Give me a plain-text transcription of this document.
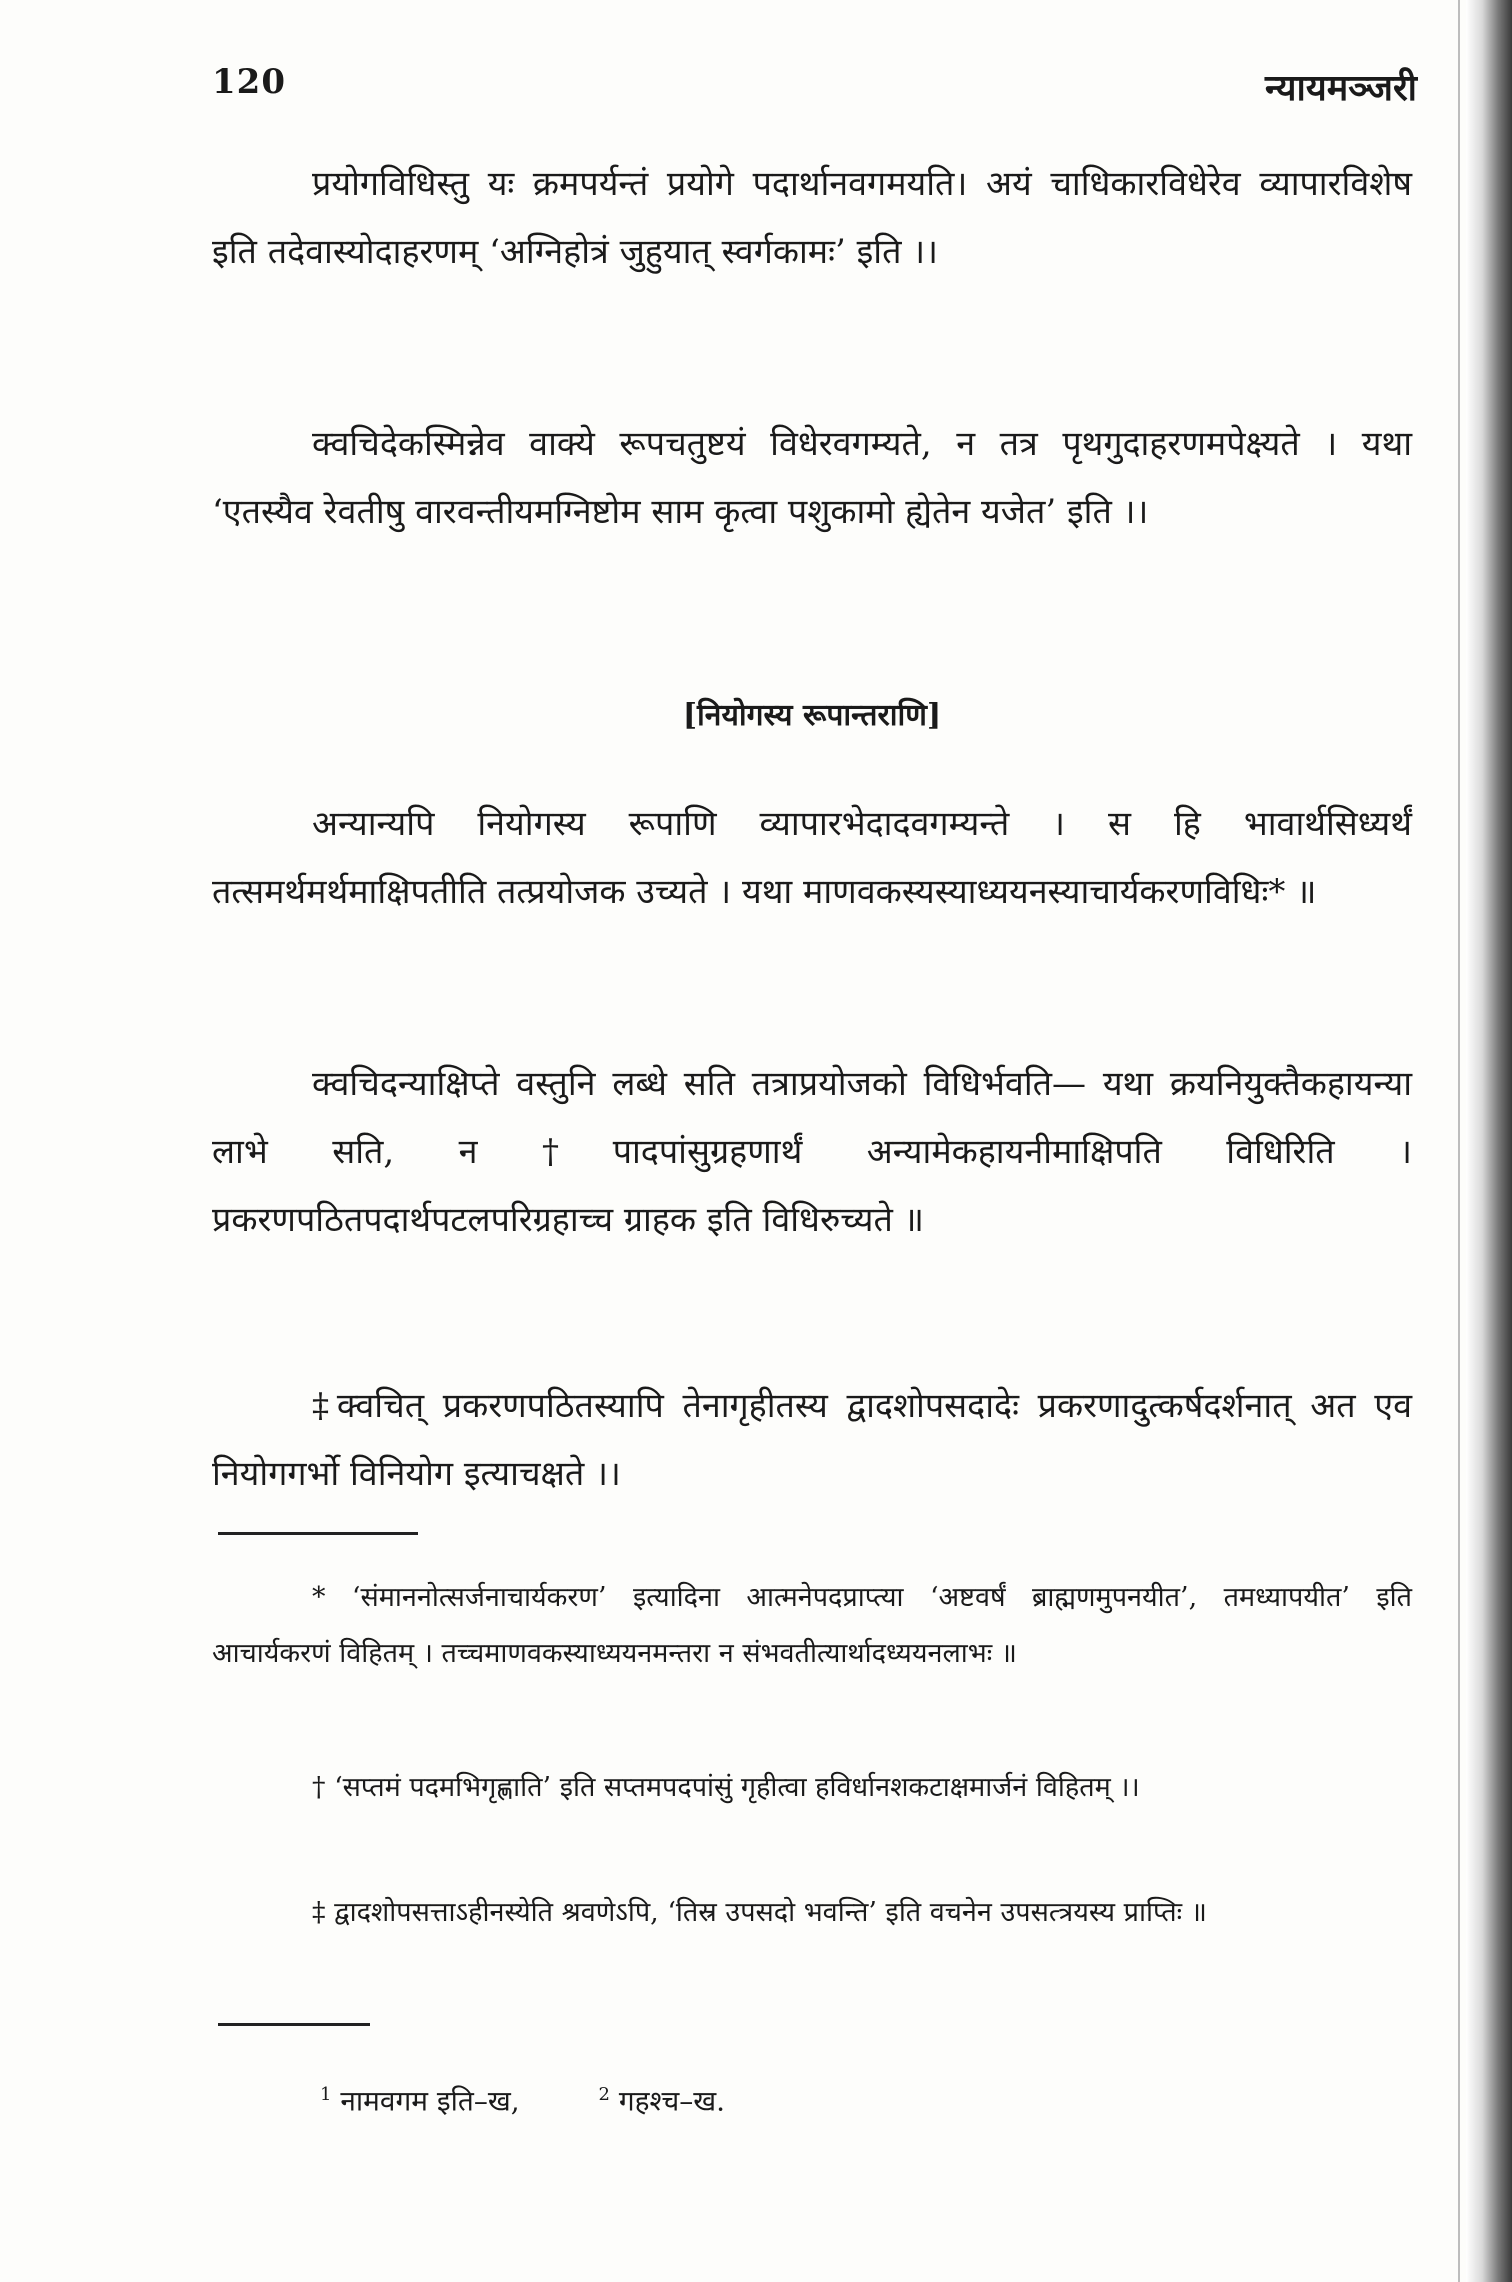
120	न्यायमञ्जरी

प्रयोगविधिस्तु यः क्रमपर्यन्तं प्रयोगे पदार्थानवगमयति। अयं चाधिकारविधेरेव व्यापारविशेष इति तदेवास्योदाहरणम् ‘अग्निहोत्रं जुहुयात् स्वर्गकामः’ इति ।।

क्वचिदेकस्मिन्नेव वाक्ये रूपचतुष्टयं विधेरवगम्यते, न तत्र पृथगुदाहरणमपेक्ष्यते । यथा ‘एतस्यैव रेवतीषु वारवन्तीयमग्निष्टोम साम कृत्वा पशुकामो ह्येतेन यजेत’ इति ।।

[नियोगस्य रूपान्तराणि]

अन्यान्यपि नियोगस्य रूपाणि व्यापारभेदादवगम्यन्ते । स हि भावार्थसिध्यर्थं तत्समर्थमर्थमाक्षिपतीति तत्प्रयोजक उच्यते । यथा माणवकस्यस्याध्ययनस्याचार्यकरणविधिः* ॥

क्वचिदन्याक्षिप्ते वस्तुनि लब्धे सति तत्राप्रयोजको विधिर्भवति— यथा क्रयनियुक्तैकहायन्या लाभे सति, न †पादपांसुग्रहणार्थं अन्यामेकहायनीमाक्षिपति विधिरिति । प्रकरणपठितपदार्थपटलपरिग्रहाच्च ग्राहक इति विधिरुच्यते ॥

‡क्वचित् प्रकरणपठितस्यापि तेनागृहीतस्य द्वादशोपसदादेः प्रकरणादुत्कर्षदर्शनात् अत एव नियोगगर्भो विनियोग इत्याचक्षते ।।

* ‘संमाननोत्सर्जनाचार्यकरण’ इत्यादिना आत्मनेपदप्राप्त्या ‘अष्टवर्षं ब्राह्मणमुपनयीत’, तमध्यापयीत’ इति आचार्यकरणं विहितम् । तच्चमाणवकस्याध्ययनमन्तरा न संभवतीत्यार्थादध्ययनलाभः ॥

† ‘सप्तमं पदमभिगृह्णाति’ इति सप्तमपदपांसुं गृहीत्वा हविर्धानशकटाक्षमार्जनं विहितम् ।।

‡ द्वादशोपसत्ताऽहीनस्येति श्रवणेऽपि, ‘तिस्र उपसदो भवन्ति’ इति वचनेन उपसत्त्रयस्य प्राप्तिः ॥

$^1$ नामवगम इति–ख,	$^2$ गहश्च–ख.
